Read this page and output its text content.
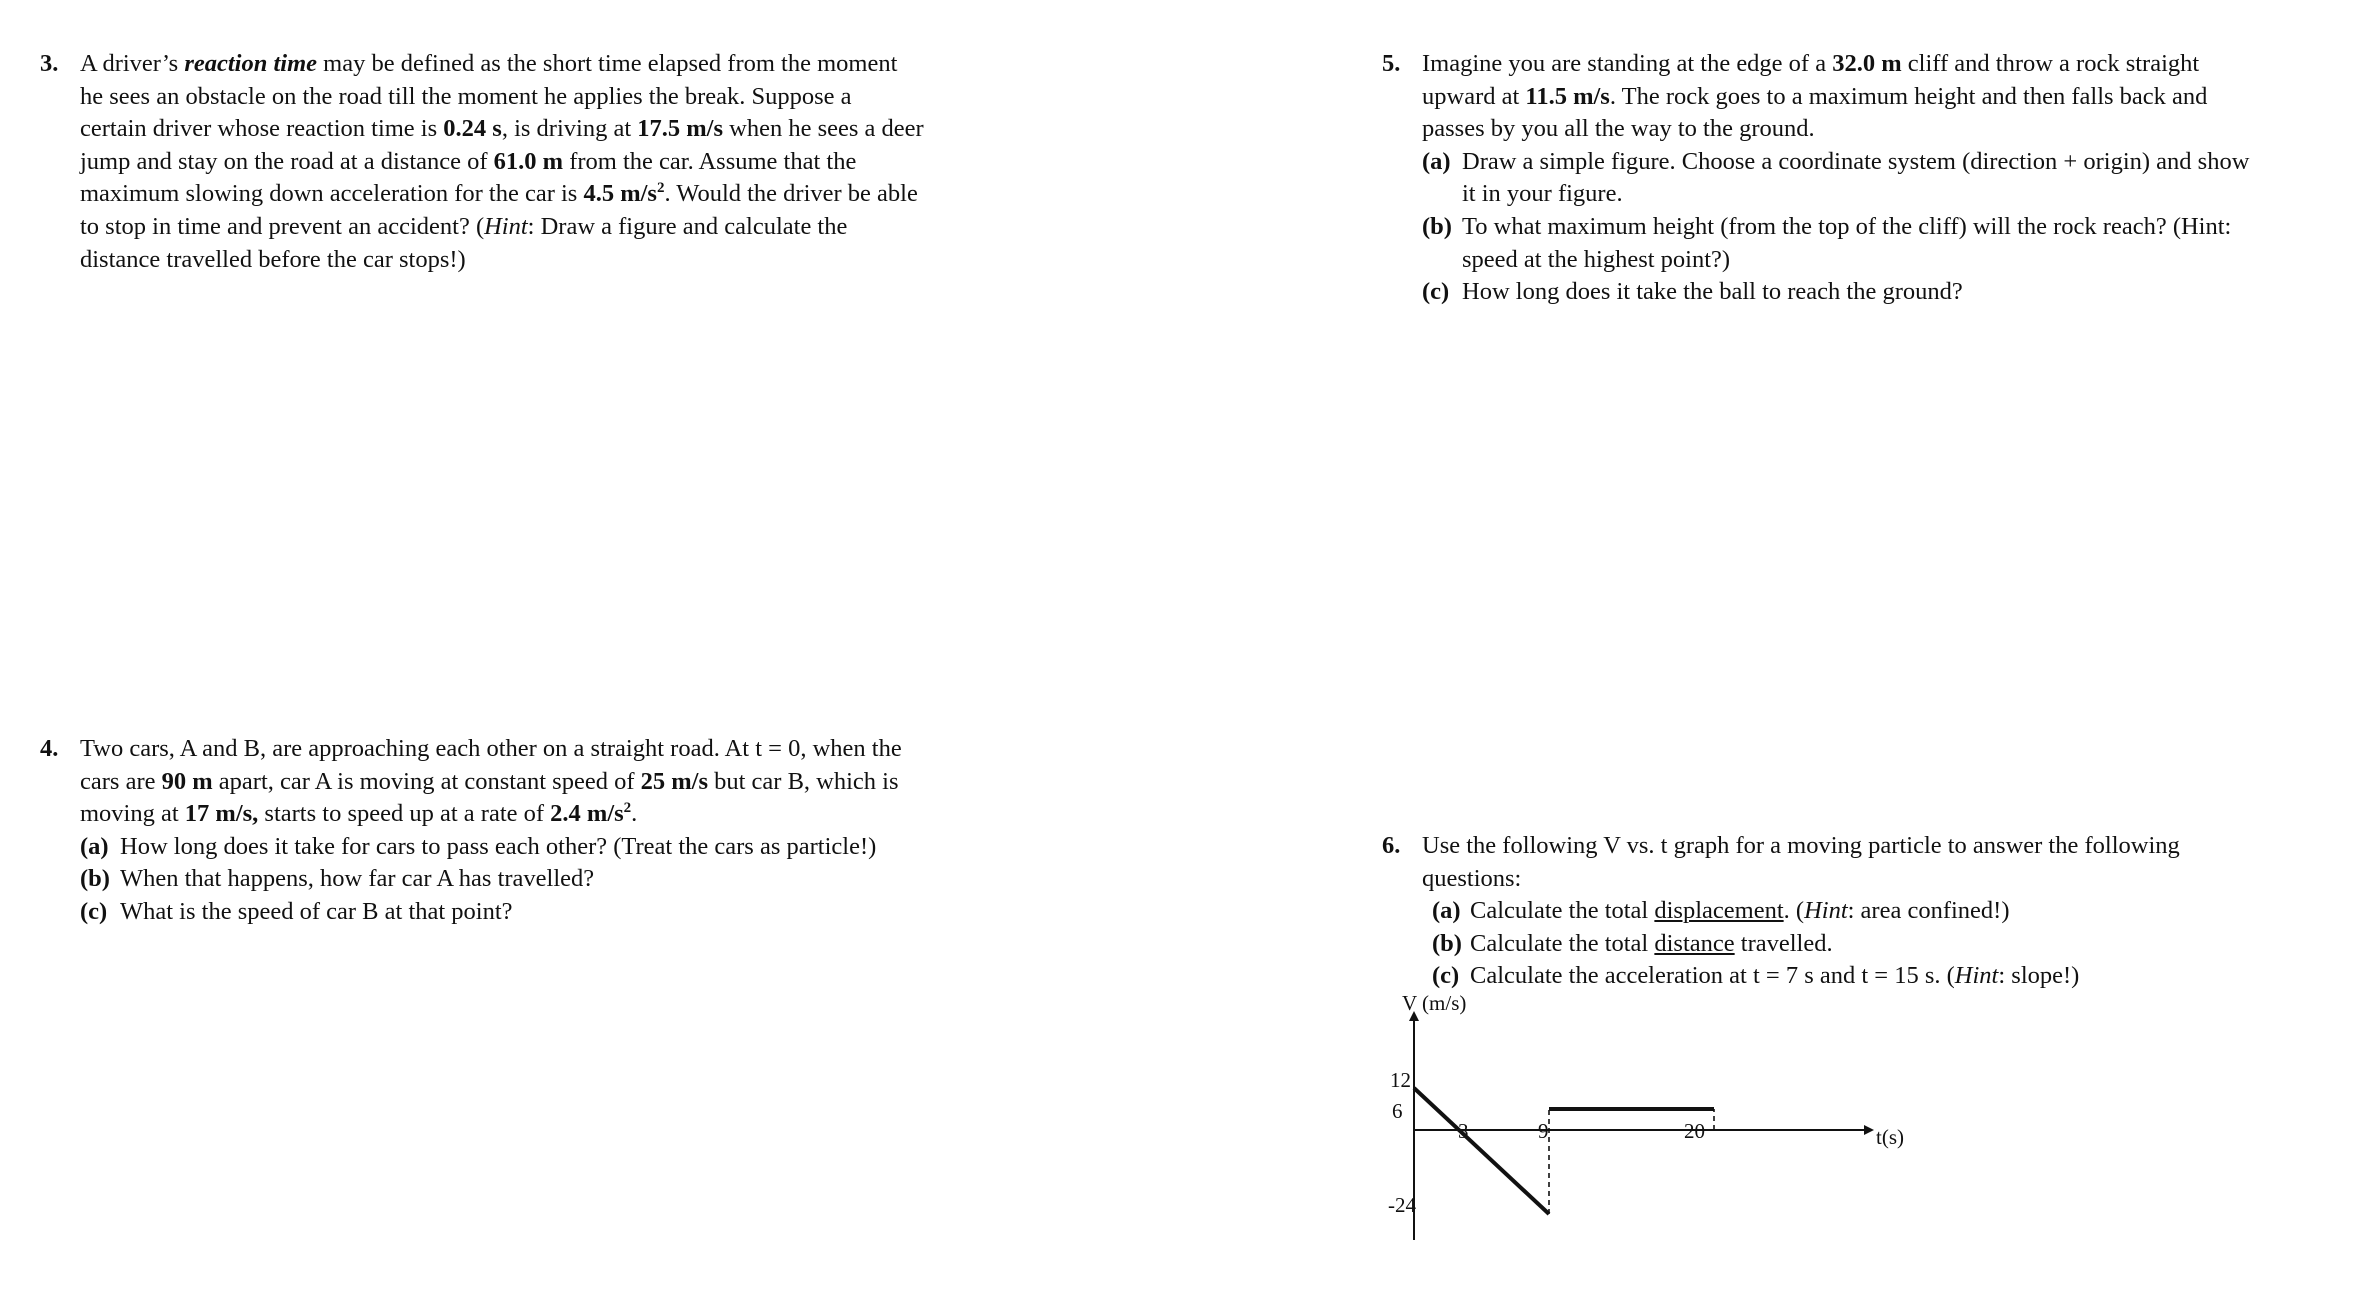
3. A driver’s reaction time may be defined as the short time elapsed from the moment
he sees an obstacle on the road till the moment he applies the break. Suppose a
certain driver whose reaction time is 0.24 s, is driving at 17.5 m/s when he sees a deer
jump and stay on the road at a distance of 61.0 m from the car. Assume that the
maximum slowing down acceleration for the car is 4.5 $m/s^2$. Would the driver be able
to stop in time and prevent an accident? (Hint: Draw a figure and calculate the
distance travelled before the car stops!)
4. Two cars, A and B, are approaching each other on a straight road. At t = 0, when the
cars are 90 m apart, car A is moving at constant speed of 25 m/s but car B, which is
moving at 17 m/s, starts to speed up at a rate of 2.4 $m/s^2$.
(a) How long does it take for cars to pass each other? (Treat the cars as particle!)
(b) When that happens, how far car A has travelled?
(c) What is the speed of car B at that point?
5. Imagine you are standing at the edge of a 32.0 m cliff and throw a rock straight
upward at 11.5 m/s. The rock goes to a maximum height and then falls back and
passes by you all the way to the ground.
(a) Draw a simple figure. Choose a coordinate system (direction + origin) and show
it in your figure.
(b) To what maximum height (from the top of the cliff) will the rock reach? (Hint:
speed at the highest point?)
(c) How long does it take the ball to reach the ground?
6. Use the following V vs. t graph for a moving particle to answer the following
questions:
(a) Calculate the total displacement. (Hint: area confined!)
(b) Calculate the total distance travelled.
(c) Calculate the acceleration at t = 7 s and t = 15 s. (Hint: slope!)
V (m/s)
t(s)
12
6
-24
3	9	20
